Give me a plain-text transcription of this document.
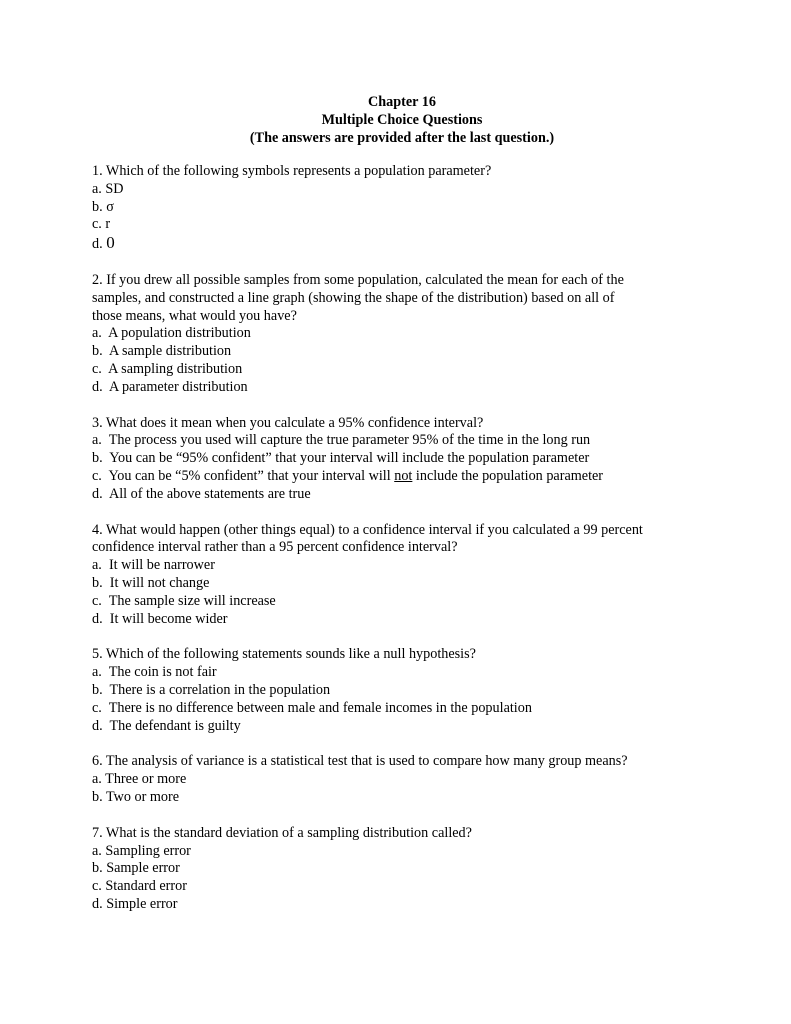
Chapter 16
Multiple Choice Questions
(The answers are provided after the last question.)
1. Which of the following symbols represents a population parameter?
a. SD
b. σ
c. r
d. 0
2. If you drew all possible samples from some population, calculated the mean for each of the
samples, and constructed a line graph (showing the shape of the distribution) based on all of
those means, what would you have?
a. A population distribution
b. A sample distribution
c. A sampling distribution
d. A parameter distribution
3. What does it mean when you calculate a 95% confidence interval?
a. The process you used will capture the true parameter 95% of the time in the long run
b. You can be “95% confident” that your interval will include the population parameter
c. You can be “5% confident” that your interval will not include the population parameter
d. All of the above statements are true
4. What would happen (other things equal) to a confidence interval if you calculated a 99 percent
confidence interval rather than a 95 percent confidence interval?
a. It will be narrower
b. It will not change
c. The sample size will increase
d. It will become wider
5. Which of the following statements sounds like a null hypothesis?
a. The coin is not fair
b. There is a correlation in the population
c. There is no difference between male and female incomes in the population
d. The defendant is guilty
6. The analysis of variance is a statistical test that is used to compare how many group means?
a. Three or more
b. Two or more
7. What is the standard deviation of a sampling distribution called?
a. Sampling error
b. Sample error
c. Standard error
d. Simple error
